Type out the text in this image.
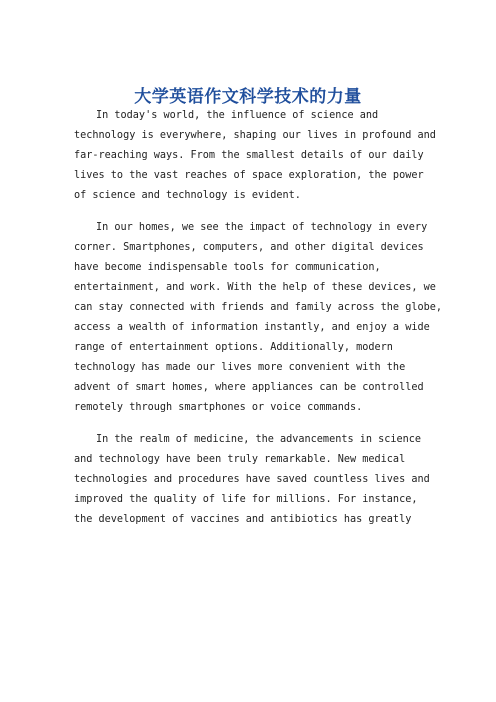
大学英语作文科学技术的力量

In today's world, the influence of science and
technology is everywhere, shaping our lives in profound and
far-reaching ways. From the smallest details of our daily
lives to the vast reaches of space exploration, the power
of science and technology is evident.

In our homes, we see the impact of technology in every
corner. Smartphones, computers, and other digital devices
have become indispensable tools for communication,
entertainment, and work. With the help of these devices, we
can stay connected with friends and family across the globe,
access a wealth of information instantly, and enjoy a wide
range of entertainment options. Additionally, modern
technology has made our lives more convenient with the
advent of smart homes, where appliances can be controlled
remotely through smartphones or voice commands.

In the realm of medicine, the advancements in science
and technology have been truly remarkable. New medical
technologies and procedures have saved countless lives and
improved the quality of life for millions. For instance,
the development of vaccines and antibiotics has greatly
